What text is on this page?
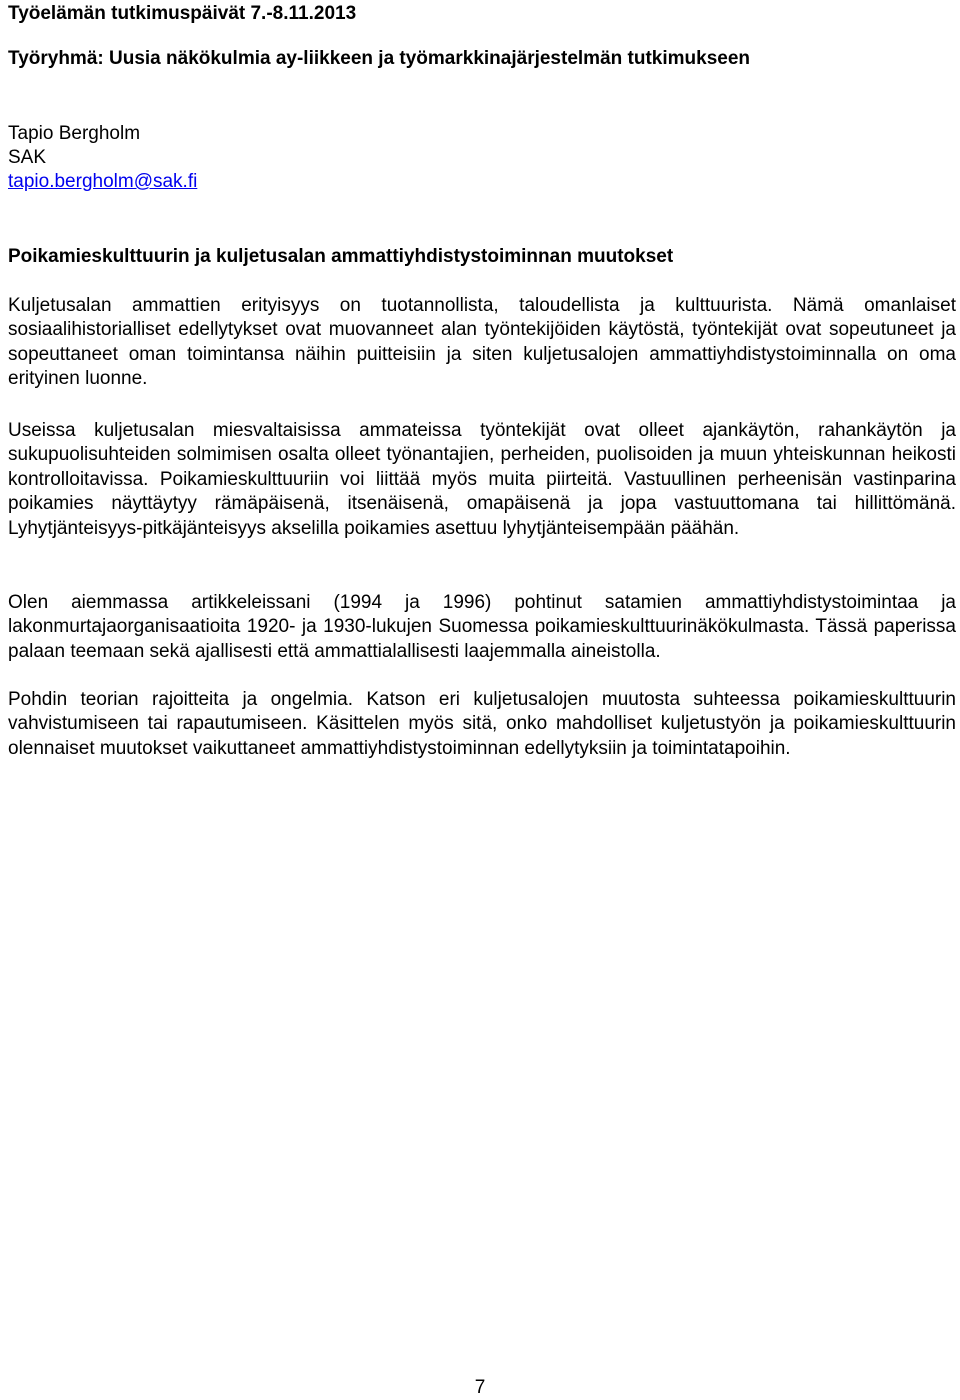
Työelämän tutkimuspäivät 7.-8.11.2013
Työryhmä: Uusia näkökulmia ay-liikkeen ja työmarkkinajärjestelmän tutkimukseen
Tapio Bergholm
SAK
tapio.bergholm@sak.fi
Poikamieskulttuurin ja kuljetusalan ammattiyhdistystoiminnan muutokset

Kuljetusalan ammattien erityisyys on tuotannollista, taloudellista ja kulttuurista. Nämä omanlaiset sosiaalihistorialliset edellytykset ovat muovanneet alan työntekijöiden käytöstä, työntekijät ovat sopeutuneet ja sopeuttaneet oman toimintansa näihin puitteisiin ja siten kuljetusalojen ammattiyhdistystoiminnalla on oma erityinen luonne.

Useissa kuljetusalan miesvaltaisissa ammateissa työntekijät ovat olleet ajankäytön, rahankäytön ja sukupuolisuhteiden solmimisen osalta olleet työnantajien, perheiden, puolisoiden ja muun yhteiskunnan heikosti kontrolloitavissa. Poikamieskulttuuriin voi liittää myös muita piirteitä. Vastuullinen perheenisän vastinparina poikamies näyttäytyy rämäpäisenä, itsenäisenä, omapäisenä ja jopa vastuuttomana tai hillittömänä. Lyhytjänteisyys-pitkäjänteisyys akselilla poikamies asettuu lyhytjänteisempään päähän.

Olen aiemmassa artikkeleissani (1994 ja 1996) pohtinut satamien ammattiyhdistystoimintaa ja lakonmurtajaorganisaatioita 1920- ja 1930-lukujen Suomessa poikamieskulttuurinäkökulmasta. Tässä paperissa palaan teemaan sekä ajallisesti että ammattialallisesti laajemmalla aineistolla.

Pohdin teorian rajoitteita ja ongelmia. Katson eri kuljetusalojen muutosta suhteessa poikamieskulttuurin vahvistumiseen tai rapautumiseen. Käsittelen myös sitä, onko mahdolliset kuljetustyön ja poikamieskulttuurin olennaiset muutokset vaikuttaneet ammattiyhdistystoiminnan edellytyksiin ja toimintatapoihin.

7
